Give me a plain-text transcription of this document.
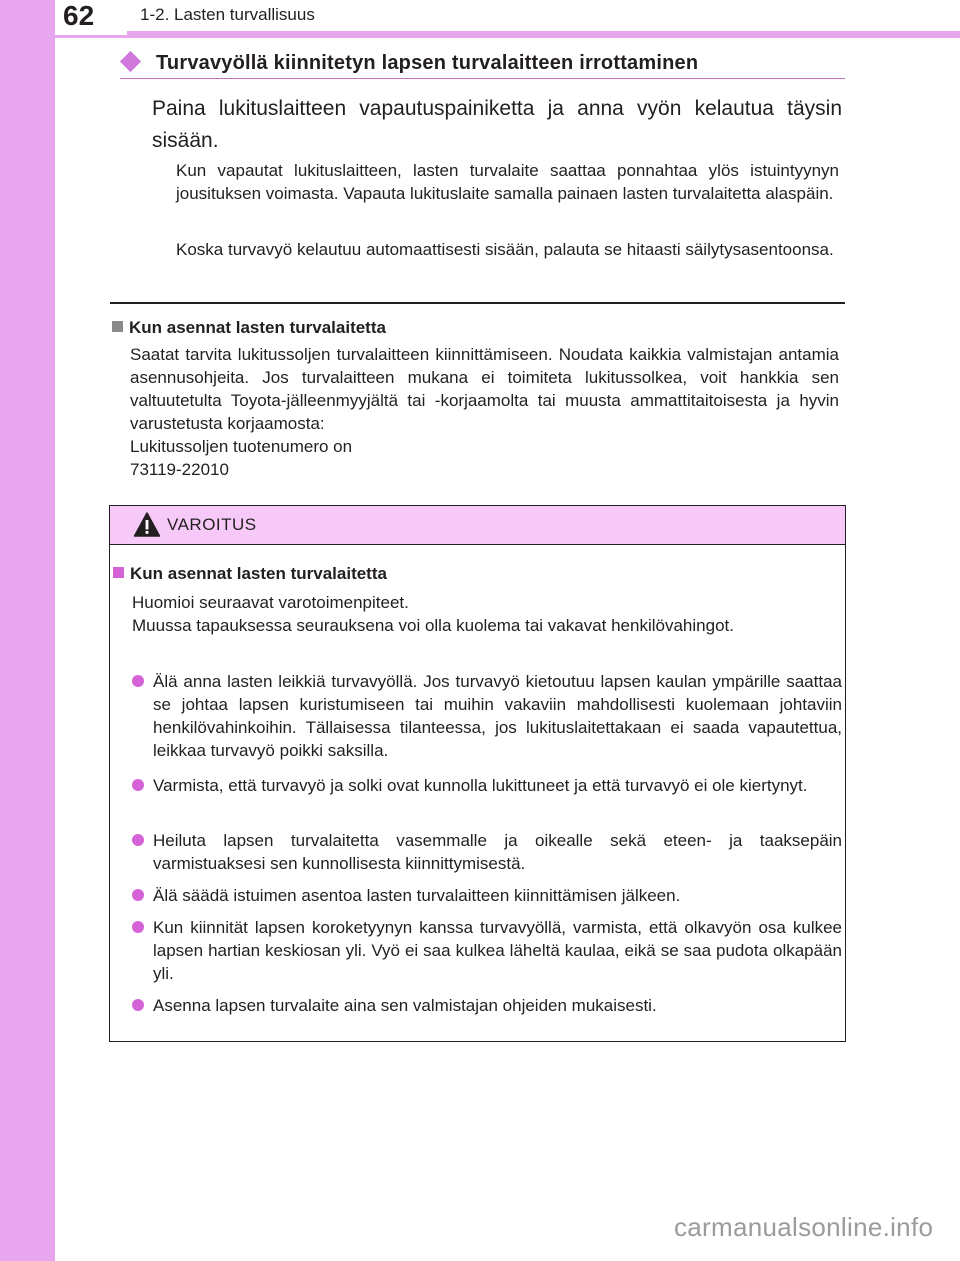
62	1-2. Lasten turvallisuus
Turvavyöllä kiinnitetyn lapsen turvalaitteen irrottaminen

Paina lukituslaitteen vapautuspainiketta ja anna vyön kelautua täysin sisään.

Kun vapautat lukituslaitteen, lasten turvalaite saattaa ponnahtaa ylös istuintyynyn jousituksen voimasta. Vapauta lukituslaite samalla painaen lasten turvalaitetta alaspäin.

Koska turvavyö kelautuu automaattisesti sisään, palauta se hitaasti säilytysasentoonsa.

Kun asennat lasten turvalaitetta
Saatat tarvita lukitussoljen turvalaitteen kiinnittämiseen. Noudata kaikkia valmistajan antamia asennusohjeita. Jos turvalaitteen mukana ei toimiteta lukitussolkea, voit hankkia sen valtuutetulta Toyota-jälleenmyyjältä tai -korjaamolta tai muusta ammattitaitoisesta ja hyvin varustetusta korjaamosta:
Lukitussoljen tuotenumero on
73119-22010
VAROITUS
Kun asennat lasten turvalaitetta
Huomioi seuraavat varotoimenpiteet.
Muussa tapauksessa seurauksena voi olla kuolema tai vakavat henkilövahingot.

Älä anna lasten leikkiä turvavyöllä. Jos turvavyö kietoutuu lapsen kaulan ympärille saattaa se johtaa lapsen kuristumiseen tai muihin vakaviin mahdollisesti kuolemaan johtaviin henkilövahinkoihin. Tällaisessa tilanteessa, jos lukituslaitettakaan ei saada vapautettua, leikkaa turvavyö poikki saksilla.

Varmista, että turvavyö ja solki ovat kunnolla lukittuneet ja että turvavyö ei ole kiertynyt.

Heiluta lapsen turvalaitetta vasemmalle ja oikealle sekä eteen- ja taaksepäin varmistuaksesi sen kunnollisesta kiinnittymisestä.

Älä säädä istuimen asentoa lasten turvalaitteen kiinnittämisen jälkeen.

Kun kiinnität lapsen koroketyynyn kanssa turvavyöllä, varmista, että olkavyön osa kulkee lapsen hartian keskiosan yli. Vyö ei saa kulkea läheltä kaulaa, eikä se saa pudota olkapään yli.

Asenna lapsen turvalaite aina sen valmistajan ohjeiden mukaisesti.

carmanualsonline.info
